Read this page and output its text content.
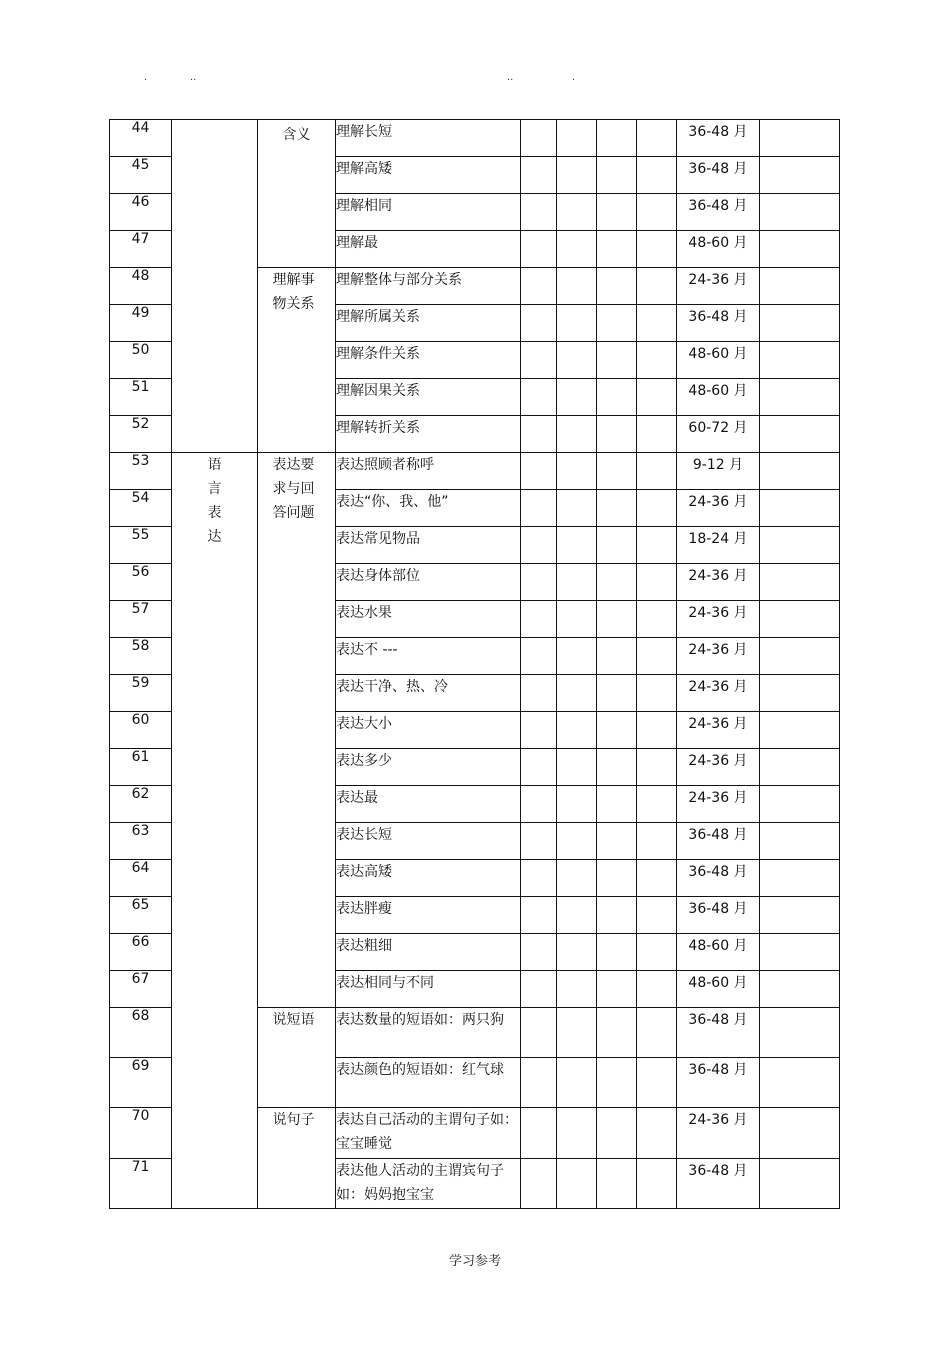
.	..	..	.
44		含义	理解长短					36-48 月	
45			理解高矮					36-48 月	
46			理解相同					36-48 月	
47			理解最					48-60 月	
48		理解事物关系	理解整体与部分关系					24-36 月	
49			理解所属关系					36-48 月	
50			理解条件关系					48-60 月	
51			理解因果关系					48-60 月	
52			理解转折关系					60-72 月	
53	语言表达	表达要求与回答问题	表达照顾者称呼					9-12 月	
54			表达“你、我、他”					24-36 月	
55			表达常见物品					18-24 月	
56			表达身体部位					24-36 月	
57			表达水果					24-36 月	
58			表达不 ---					24-36 月	
59			表达干净、热、冷					24-36 月	
60			表达大小					24-36 月	
61			表达多少					24-36 月	
62			表达最					24-36 月	
63			表达长短					36-48 月	
64			表达高矮					36-48 月	
65			表达胖瘦					36-48 月	
66			表达粗细					48-60 月	
67			表达相同与不同					48-60 月	
68		说短语	表达数量的短语如：两只狗					36-48 月	
69			表达颜色的短语如：红气球					36-48 月	
70		说句子	表达自己活动的主谓句子如：宝宝睡觉					24-36 月	
71			表达他人活动的主谓宾句子如：妈妈抱宝宝					36-48 月	
学习参考
